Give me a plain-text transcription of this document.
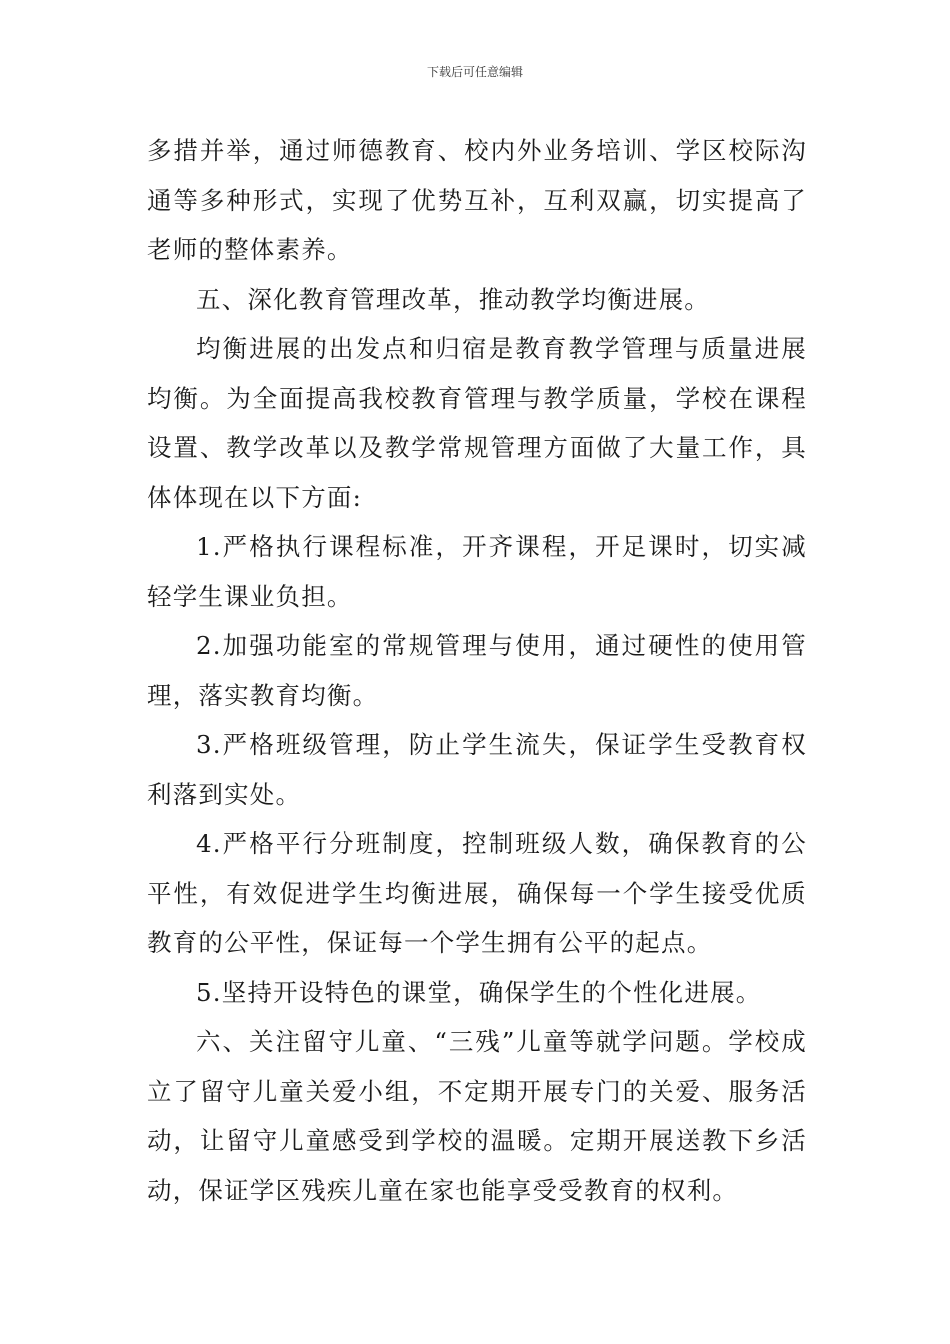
下载后可任意编辑

多措并举，通过师德教育、校内外业务培训、学区校际沟通等多种形式，实现了优势互补，互利双赢，切实提高了老师的整体素养。

五、深化教育管理改革，推动教学均衡进展。

均衡进展的出发点和归宿是教育教学管理与质量进展均衡。为全面提高我校教育管理与教学质量，学校在课程设置、教学改革以及教学常规管理方面做了大量工作，具体体现在以下方面:

1.严格执行课程标准，开齐课程，开足课时，切实减轻学生课业负担。

2.加强功能室的常规管理与使用，通过硬性的使用管理，落实教育均衡。

3.严格班级管理，防止学生流失，保证学生受教育权利落到实处。

4.严格平行分班制度，控制班级人数，确保教育的公平性，有效促进学生均衡进展，确保每一个学生接受优质教育的公平性，保证每一个学生拥有公平的起点。

5.坚持开设特色的课堂，确保学生的个性化进展。

六、关注留守儿童、“三残”儿童等就学问题。学校成立了留守儿童关爱小组，不定期开展专门的关爱、服务活动，让留守儿童感受到学校的温暖。定期开展送教下乡活动，保证学区残疾儿童在家也能享受受教育的权利。
